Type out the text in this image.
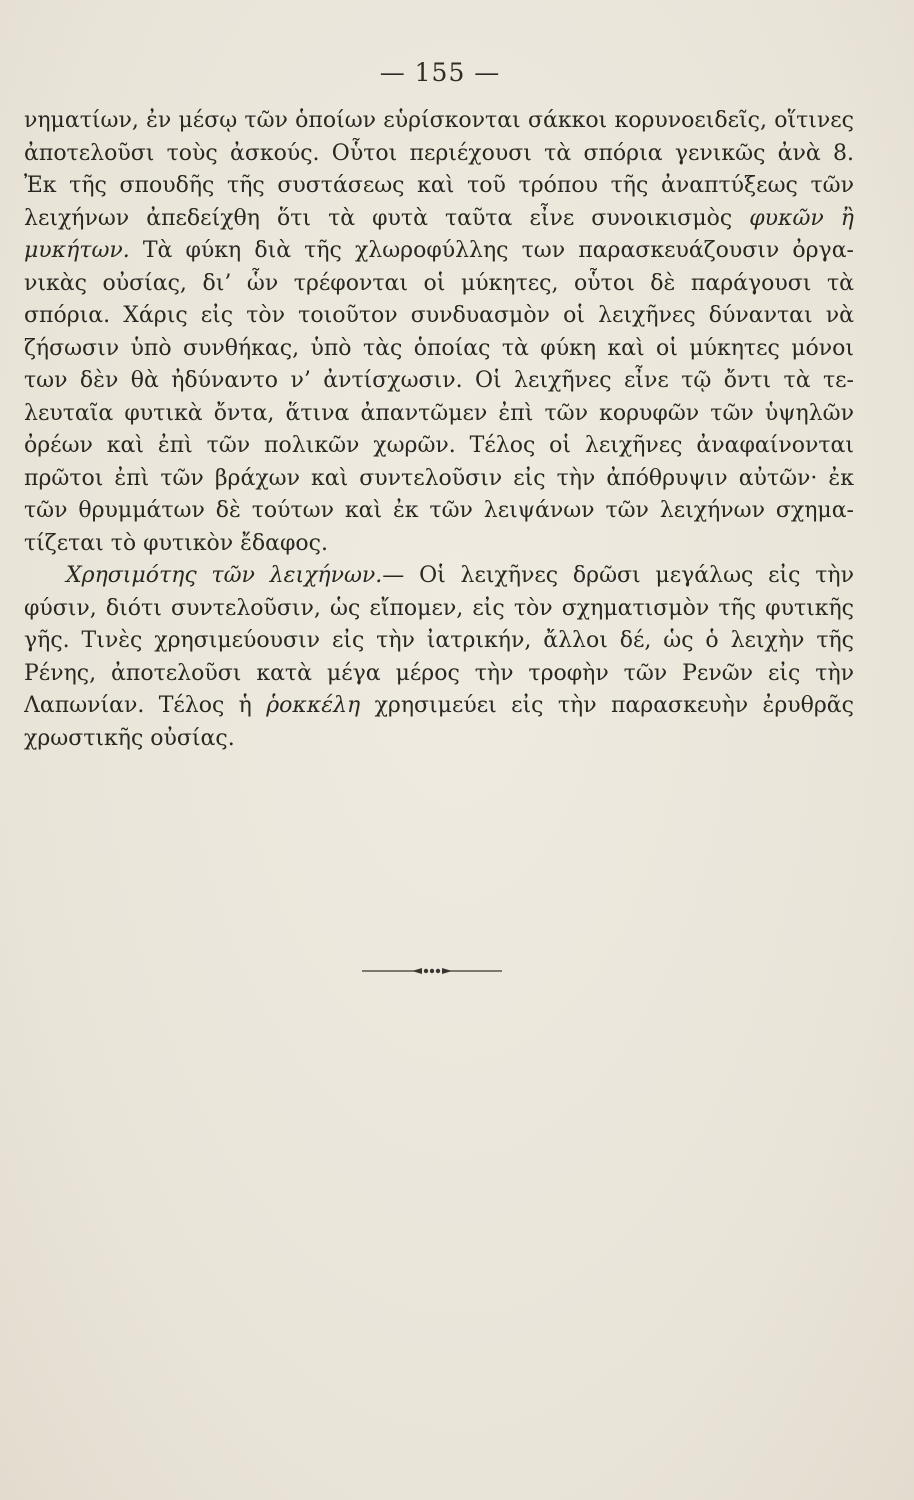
— 155 —
νηματίων, ἐν μέσῳ τῶν ὁποίων εὑρίσκονται σάκκοι κορυνοειδεῖς, οἵτινες
ἀποτελοῦσι τοὺς ἀσκούς. Οὗτοι περιέχουσι τὰ σπόρια γενικῶς ἀνὰ 8.
Ἐκ τῆς σπουδῆς τῆς συστάσεως καὶ τοῦ τρόπου τῆς ἀναπτύξεως τῶν
λειχήνων ἀπεδείχθη ὅτι τὰ φυτὰ ταῦτα εἶνε συνοικισμὸς φυκῶν ἢ
μυκήτων. Τὰ φύκη διὰ τῆς χλωροφύλλης των παρασκευάζουσιν ὀργα-
νικὰς οὐσίας, δι’ ὧν τρέφονται οἱ μύκητες, οὗτοι δὲ παράγουσι τὰ
σπόρια. Χάρις εἰς τὸν τοιοῦτον συνδυασμὸν οἱ λειχῆνες δύνανται νὰ
ζήσωσιν ὑπὸ συνθήκας, ὑπὸ τὰς ὁποίας τὰ φύκη καὶ οἱ μύκητες μόνοι
των δὲν θὰ ἠδύναντο ν’ ἀντίσχωσιν. Οἱ λειχῆνες εἶνε τῷ ὄντι τὰ τε-
λευταῖα φυτικὰ ὄντα, ἅτινα ἀπαντῶμεν ἐπὶ τῶν κορυφῶν τῶν ὑψηλῶν
ὀρέων καὶ ἐπὶ τῶν πολικῶν χωρῶν. Τέλος οἱ λειχῆνες ἀναφαίνονται
πρῶτοι ἐπὶ τῶν βράχων καὶ συντελοῦσιν εἰς τὴν ἀπόθρυψιν αὐτῶν· ἐκ
τῶν θρυμμάτων δὲ τούτων καὶ ἐκ τῶν λειψάνων τῶν λειχήνων σχημα-
τίζεται τὸ φυτικὸν ἔδαφος.
Χρησιμότης τῶν λειχήνων.— Οἱ λειχῆνες δρῶσι μεγάλως εἰς τὴν
φύσιν, διότι συντελοῦσιν, ὡς εἴπομεν, εἰς τὸν σχηματισμὸν τῆς φυτικῆς
γῆς. Τινὲς χρησιμεύουσιν εἰς τὴν ἰατρικήν, ἄλλοι δέ, ὡς ὁ λειχὴν τῆς
Ρένης, ἀποτελοῦσι κατὰ μέγα μέρος τὴν τροφὴν τῶν Ρενῶν εἰς τὴν
Λαπωνίαν. Τέλος ἡ ῥοκκέλη χρησιμεύει εἰς τὴν παρασκευὴν ἐρυθρᾶς
χρωστικῆς οὐσίας.
